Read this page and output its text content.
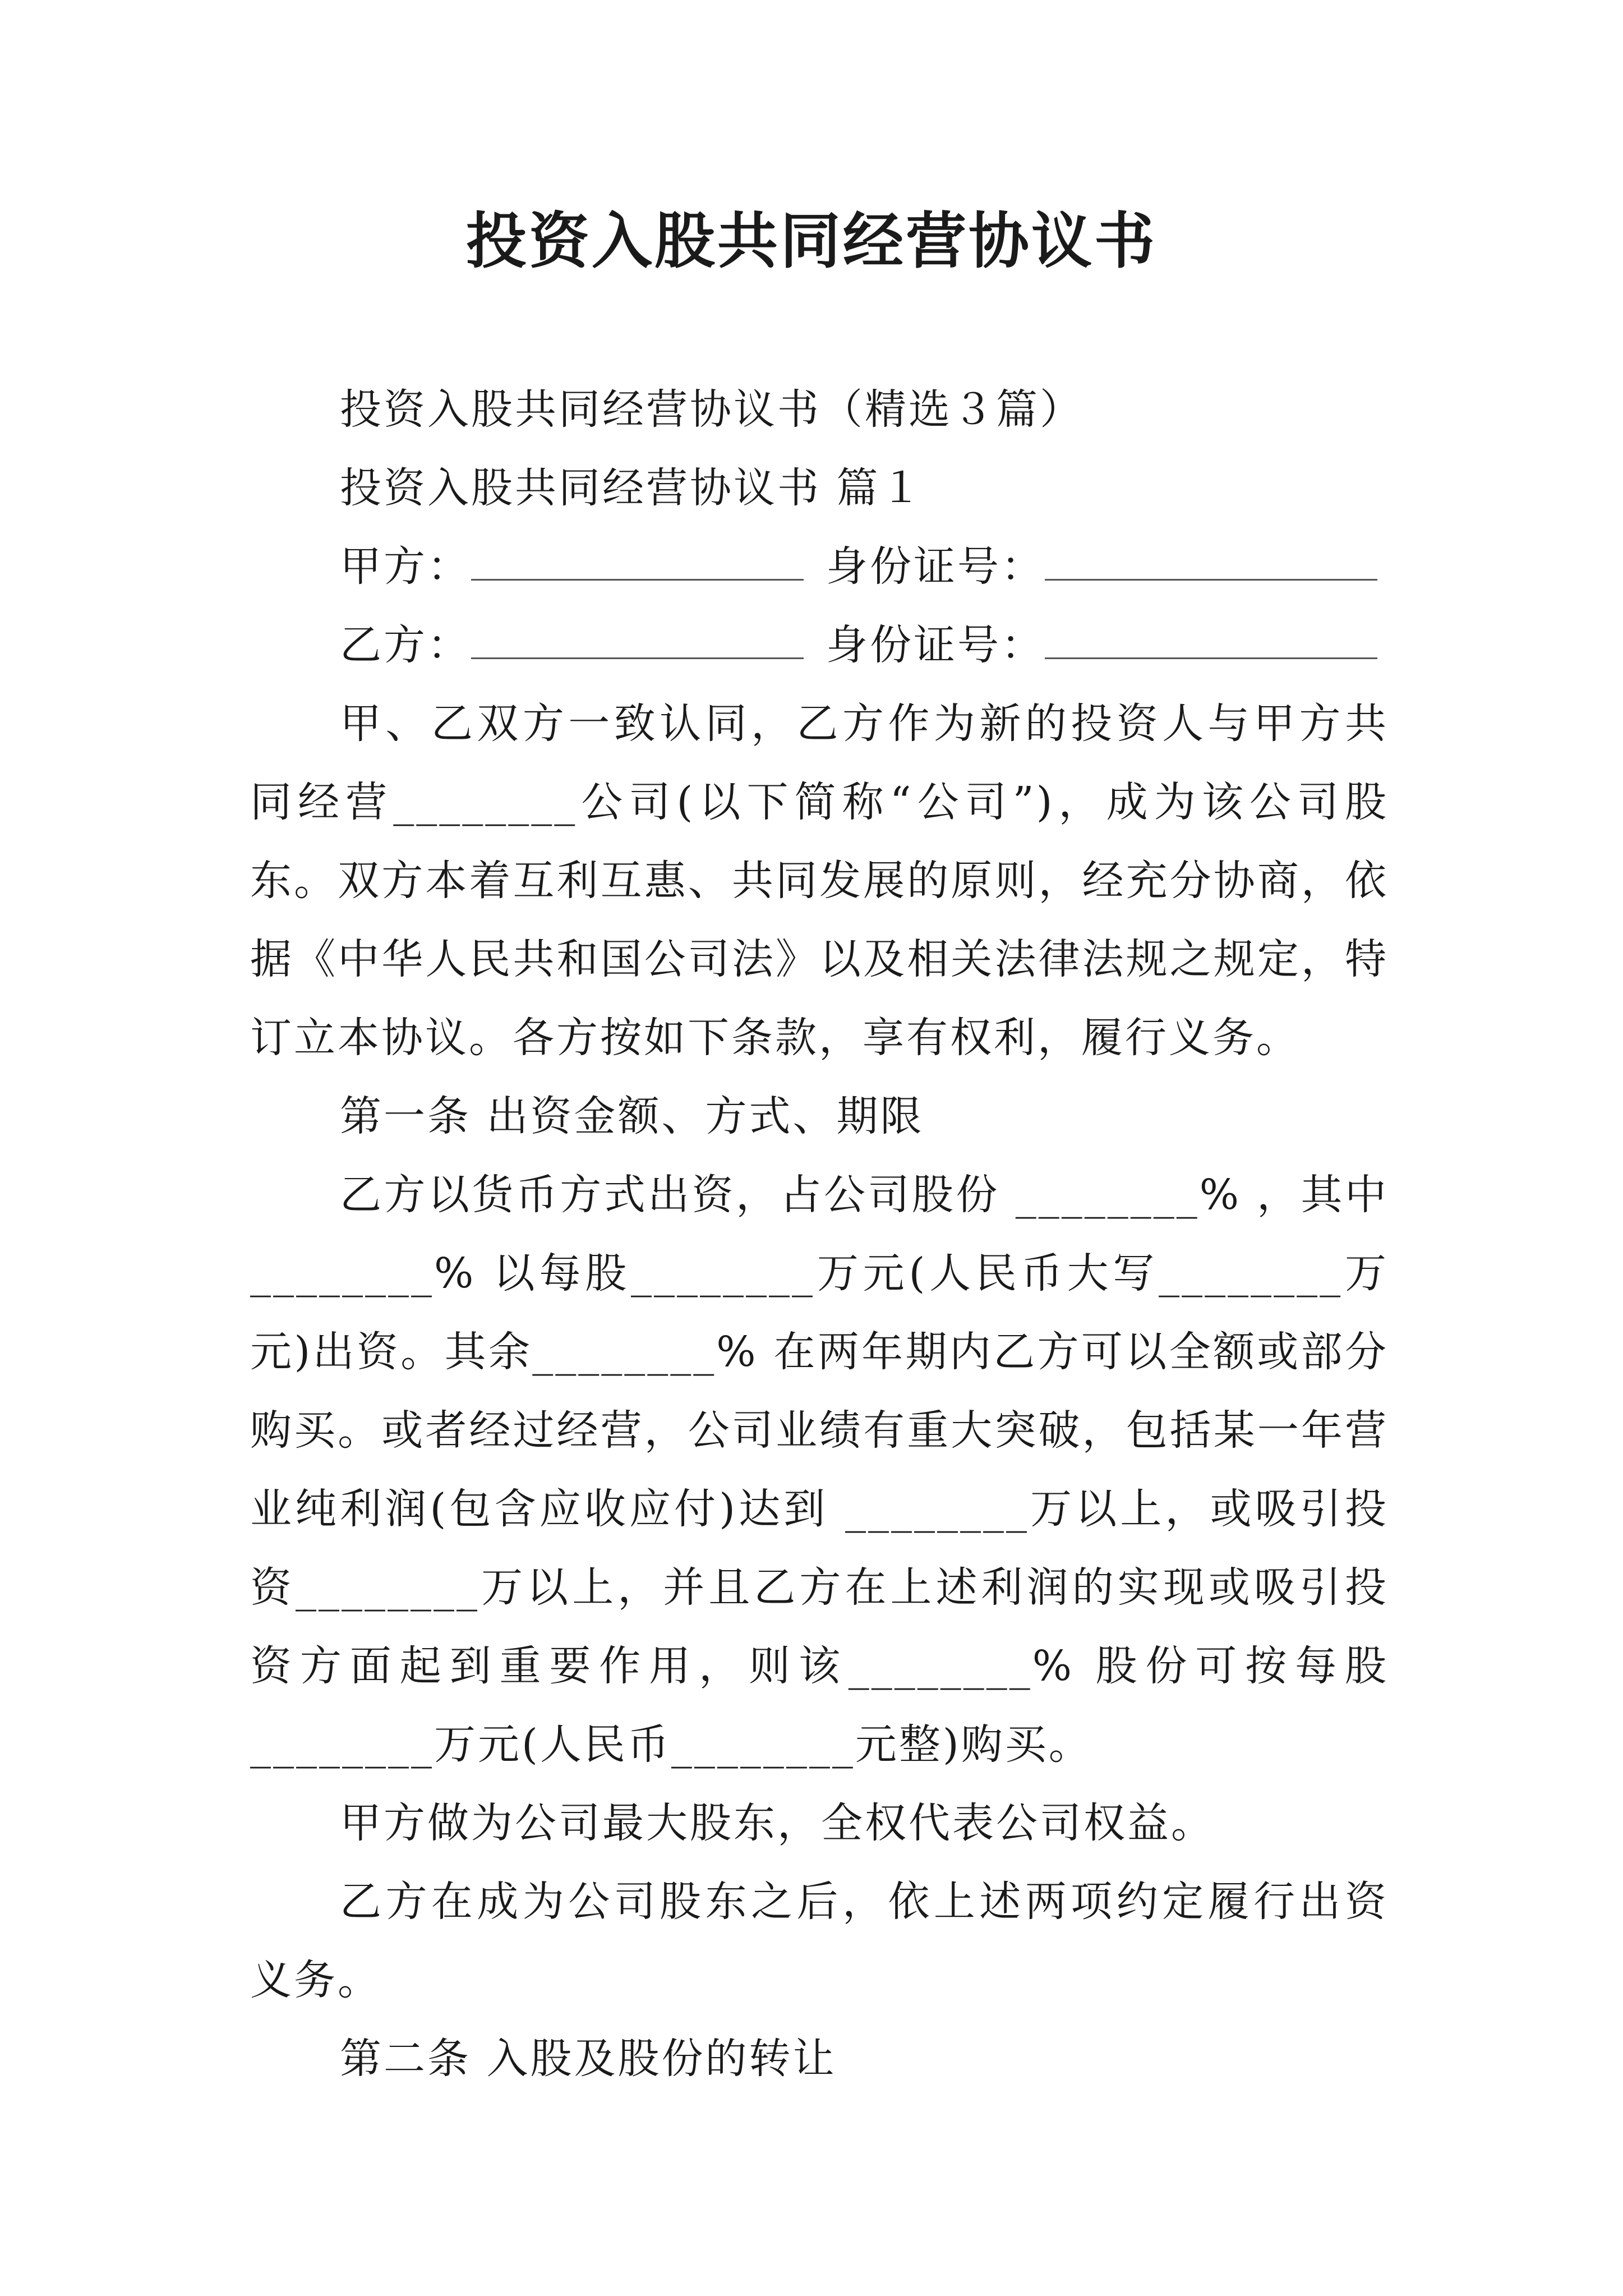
投资入股共同经营协议书

投资入股共同经营协议书（精选３篇）

投资入股共同经营协议书 篇１

甲方：	身份证号：
乙方：	身份证号：

甲、乙双方一致认同，乙方作为新的投资人与甲方共同经营________公司(以下简称“公司”)，成为该公司股东。双方本着互利互惠、共同发展的原则，经充分协商，依据《中华人民共和国公司法》以及相关法律法规之规定，特订立本协议。各方按如下条款，享有权利，履行义务。

第一条 出资金额、方式、期限

乙方以货币方式出资，占公司股份 ________% ，其中________% 以每股________万元(人民币大写________万元)出资。其余________% 在两年期内乙方可以全额或部分购买。或者经过经营，公司业绩有重大突破，包括某一年营业纯利润(包含应收应付)达到 ________万以上，或吸引投资________万以上，并且乙方在上述利润的实现或吸引投资方面起到重要作用，则该________% 股份可按每股________万元(人民币________元整)购买。

甲方做为公司最大股东，全权代表公司权益。

乙方在成为公司股东之后，依上述两项约定履行出资义务。

第二条 入股及股份的转让
